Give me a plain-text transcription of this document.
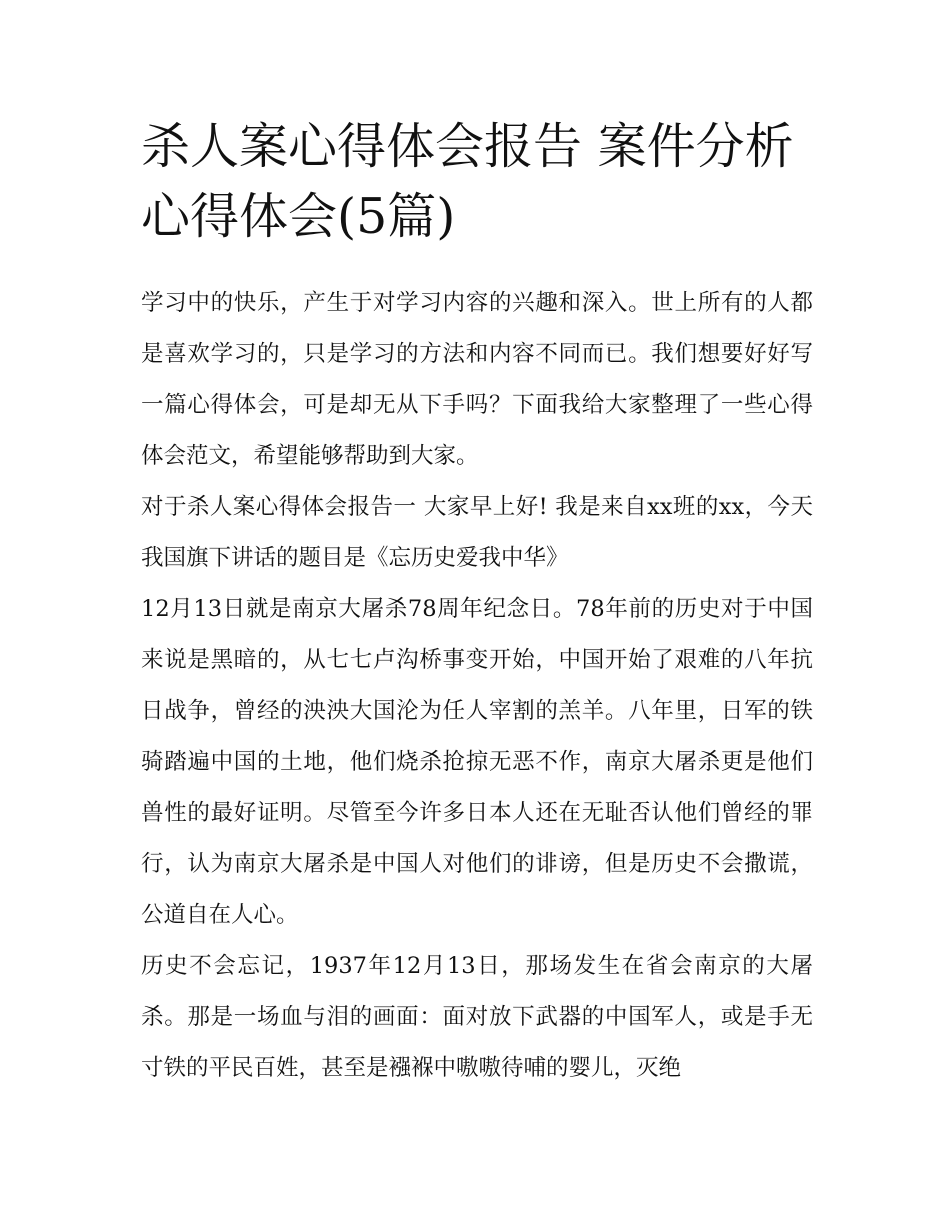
杀人案心得体会报告 案件分析心得体会(5篇)

学习中的快乐，产生于对学习内容的兴趣和深入。世上所有的人都是喜欢学习的，只是学习的方法和内容不同而已。我们想要好好写一篇心得体会，可是却无从下手吗？下面我给大家整理了一些心得体会范文，希望能够帮助到大家。

对于杀人案心得体会报告一 大家早上好! 我是来自xx班的xx，今天我国旗下讲话的题目是《忘历史爱我中华》

12月13日就是南京大屠杀78周年纪念日。78年前的历史对于中国来说是黑暗的，从七七卢沟桥事变开始，中国开始了艰难的八年抗日战争，曾经的泱泱大国沦为任人宰割的羔羊。八年里，日军的铁骑踏遍中国的土地，他们烧杀抢掠无恶不作，南京大屠杀更是他们兽性的最好证明。尽管至今许多日本人还在无耻否认他们曾经的罪行，认为南京大屠杀是中国人对他们的诽谤，但是历史不会撒谎，公道自在人心。

历史不会忘记，1937年12月13日，那场发生在省会南京的大屠杀。那是一场血与泪的画面：面对放下武器的中国军人，或是手无寸铁的平民百姓，甚至是襁褓中嗷嗷待哺的婴儿，灭绝
